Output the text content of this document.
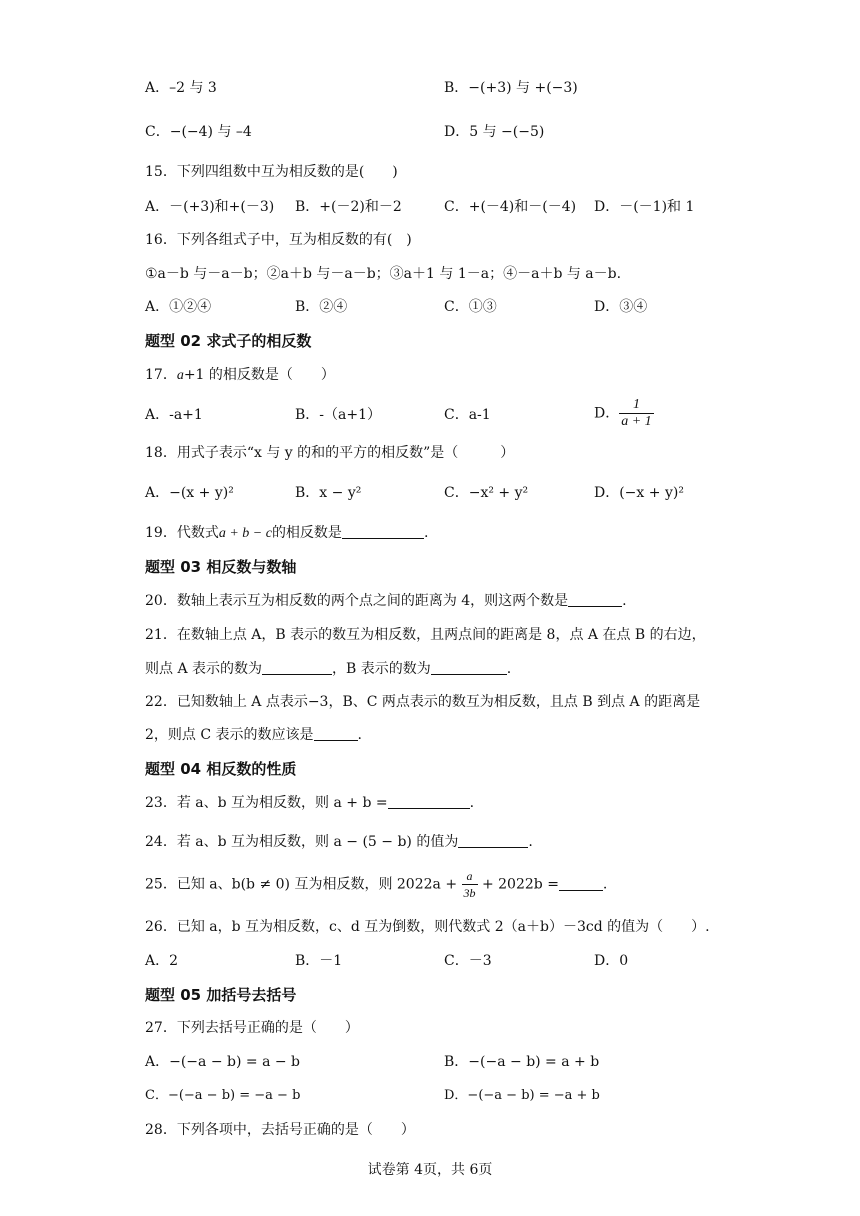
A．–2 与 3	B．−(+3) 与 +(−3)
C．−(−4) 与 –4	D．5 与 −(−5)
15．下列四组数中互为相反数的是(　　)
A．－(+3)和+(－3) B．+(－2)和－2	C．+(－4)和－(－4) D．－(－1)和 1
16．下列各组式子中，互为相反数的有(　)
①a－b 与－a－b；②a＋b 与－a－b；③a＋1 与 1－a；④－a＋b 与 a－b.
A．①②④	B．②④	C．①③	D．③④
题型 02 求式子的相反数
17．a+1 的相反数是（　　）
A．-a+1	B．-（a+1）	C．a-1	D． $\frac{1}{a + 1}$
18．用式子表示“x 与 y 的和的平方的相反数”是（　　　）
A．−(x + y)²	B．x − y²	C．−x² + y²	D．(−x + y)²
19．代数式a + b − c的相反数是	.
题型 03 相反数与数轴
20．数轴上表示互为相反数的两个点之间的距离为 4，则这两个数是	.
21．在数轴上点 A，B 表示的数互为相反数，且两点间的距离是 8，点 A 在点 B 的右边，
则点 A 表示的数为	，B 表示的数为	.
22．已知数轴上 A 点表示−3，B、C 两点表示的数互为相反数，且点 B 到点 A 的距离是
2，则点 C 表示的数应该是	.
题型 04 相反数的性质
23．若 a、b 互为相反数，则 a + b =	.
24．若 a、b 互为相反数，则 a − (5 − b) 的值为	.
25．已知 a、b(b ≠ 0) 互为相反数，则 $2022a + \frac{a}{3b} + 2022b$ =	.
26．已知 a，b 互为相反数，c、d 互为倒数，则代数式 2（a＋b）－3cd 的值为（　　）.
A．2	B．－1	C．－3	D．0
题型 05 加括号去括号
27．下列去括号正确的是（　　）
A．−(−a − b) = a − b	B．−(−a − b) = a + b
C．−(−a − b) = −a − b	D．−(−a − b) = −a + b
28．下列各项中，去括号正确的是（　　）
试卷第 4页，共 6页
